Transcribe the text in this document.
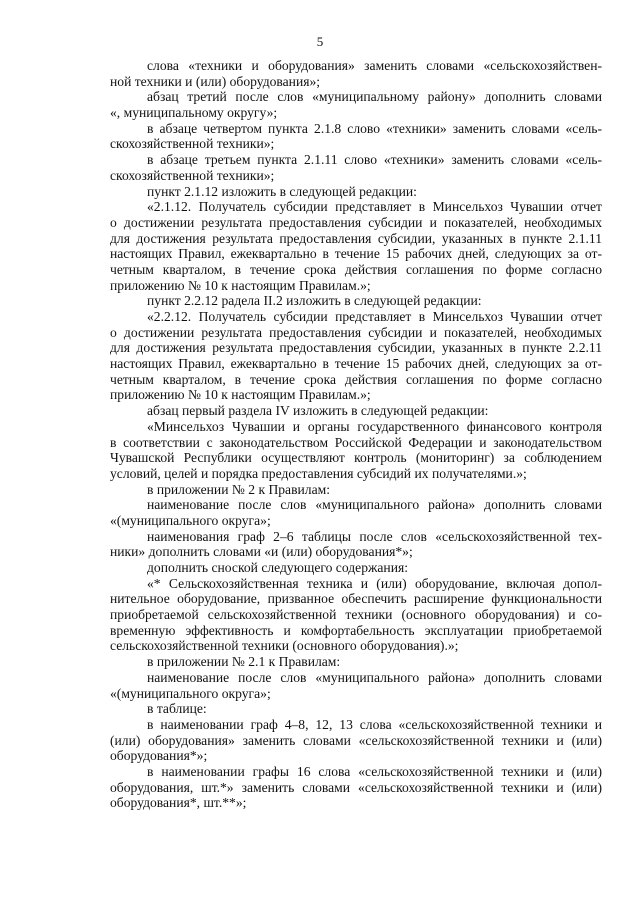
5
слова «техники и оборудования» заменить словами «сельскохозяйствен-
ной техники и (или) оборудования»;
абзац третий после слов «муниципальному району» дополнить словами
«, муниципальному округу»;
в абзаце четвертом пункта 2.1.8 слово «техники» заменить словами «сель-
скохозяйственной техники»;
в абзаце третьем пункта 2.1.11 слово «техники» заменить словами «сель-
скохозяйственной техники»;
пункт 2.1.12 изложить в следующей редакции:
«2.1.12. Получатель субсидии представляет в Минсельхоз Чувашии отчет
о достижении результата предоставления субсидии и показателей, необходимых
для достижения результата предоставления субсидии, указанных в пункте 2.1.11
настоящих Правил, ежеквартально в течение 15 рабочих дней, следующих за от-
четным кварталом, в течение срока действия соглашения по форме согласно
приложению № 10 к настоящим Правилам.»;
пункт 2.2.12 радела II.2 изложить в следующей редакции:
«2.2.12. Получатель субсидии представляет в Минсельхоз Чувашии отчет
о достижении результата предоставления субсидии и показателей, необходимых
для достижения результата предоставления субсидии, указанных в пункте 2.2.11
настоящих Правил, ежеквартально в течение 15 рабочих дней, следующих за от-
четным кварталом, в течение срока действия соглашения по форме согласно
приложению № 10 к настоящим Правилам.»;
абзац первый раздела IV изложить в следующей редакции:
«Минсельхоз Чувашии и органы государственного финансового контроля
в соответствии с законодательством Российской Федерации и законодательством
Чувашской Республики осуществляют контроль (мониторинг) за соблюдением
условий, целей и порядка предоставления субсидий их получателями.»;
в приложении № 2 к Правилам:
наименование после слов «муниципального района» дополнить словами
«(муниципального округа»;
наименования граф 2–6 таблицы после слов «сельскохозяйственной тех-
ники» дополнить словами «и (или) оборудования*»;
дополнить сноской следующего содержания:
«* Сельскохозяйственная техника и (или) оборудование, включая допол-
нительное оборудование, призванное обеспечить расширение функциональности
приобретаемой сельскохозяйственной техники (основного оборудования) и со-
временную эффективность и комфортабельность эксплуатации приобретаемой
сельскохозяйственной техники (основного оборудования).»;
в приложении № 2.1 к Правилам:
наименование после слов «муниципального района» дополнить словами
«(муниципального округа»;
в таблице:
в наименовании граф 4–8, 12, 13 слова «сельскохозяйственной техники и
(или) оборудования» заменить словами «сельскохозяйственной техники и (или)
оборудования*»;
в наименовании графы 16 слова «сельскохозяйственной техники и (или)
оборудования, шт.*» заменить словами «сельскохозяйственной техники и (или)
оборудования*, шт.**»;
